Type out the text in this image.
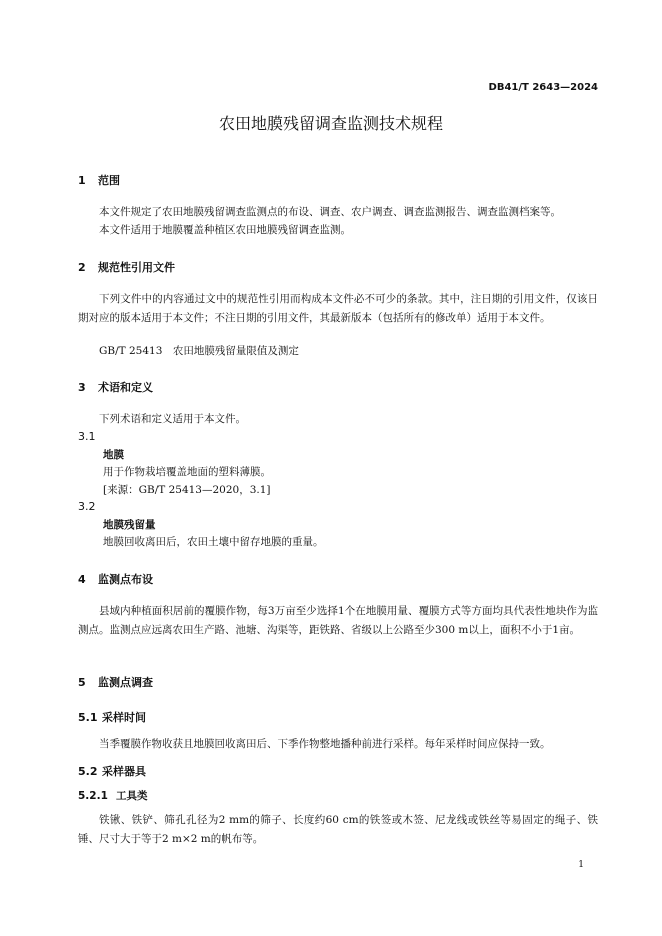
DB41/T 2643—2024
农田地膜残留调查监测技术规程
1 范围
本文件规定了农田地膜残留调查监测点的布设、调查、农户调查、调查监测报告、调查监测档案等。
本文件适用于地膜覆盖种植区农田地膜残留调查监测。
2 规范性引用文件
下列文件中的内容通过文中的规范性引用而构成本文件必不可少的条款。其中，注日期的引用文件，仅该日期对应的版本适用于本文件；不注日期的引用文件，其最新版本（包括所有的修改单）适用于本文件。
GB/T 25413　农田地膜残留量限值及测定
3 术语和定义
下列术语和定义适用于本文件。
3.1
地膜
用于作物栽培覆盖地面的塑料薄膜。
[来源：GB/T 25413—2020，3.1]
3.2
地膜残留量
地膜回收离田后，农田土壤中留存地膜的重量。
4 监测点布设
县域内种植面积居前的覆膜作物，每3万亩至少选择1个在地膜用量、覆膜方式等方面均具代表性地块作为监测点。监测点应远离农田生产路、池塘、沟渠等，距铁路、省级以上公路至少300 m以上，面积不小于1亩。
5 监测点调查
5.1 采样时间
当季覆膜作物收获且地膜回收离田后、下季作物整地播种前进行采样。每年采样时间应保持一致。
5.2 采样器具
5.2.1 工具类
铁锹、铁铲、筛孔孔径为2 mm的筛子、长度约60 cm的铁签或木签、尼龙线或铁丝等易固定的绳子、铁锤、尺寸大于等于2 m×2 m的帆布等。
1
